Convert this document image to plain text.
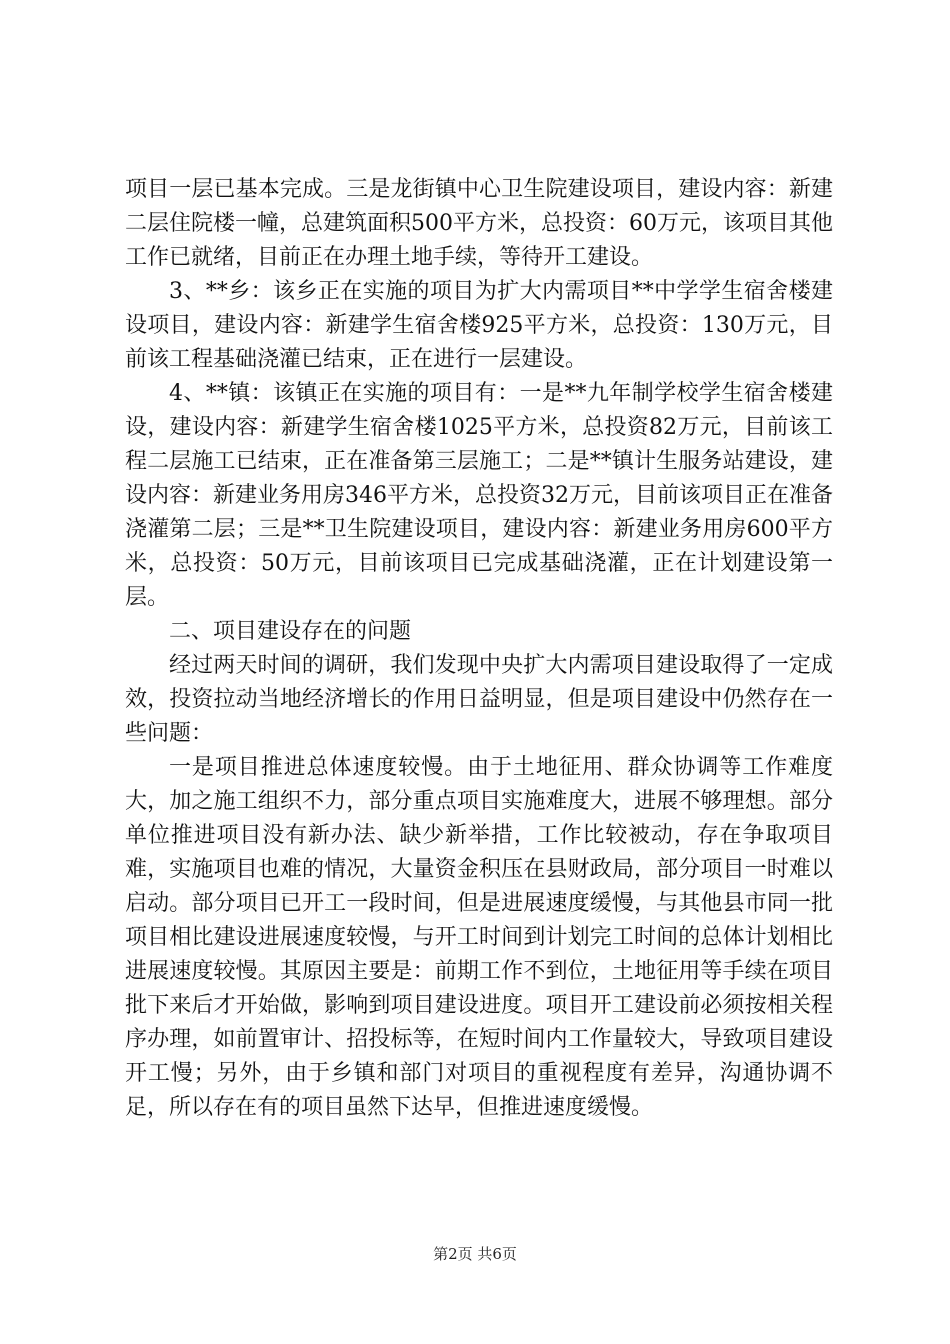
项目一层已基本完成。三是龙街镇中心卫生院建设项目，建设内容：新建二层住院楼一幢，总建筑面积500平方米，总投资：60万元，该项目其他工作已就绪，目前正在办理土地手续，等待开工建设。

3、**乡：该乡正在实施的项目为扩大内需项目**中学学生宿舍楼建设项目，建设内容：新建学生宿舍楼925平方米，总投资：130万元，目前该工程基础浇灌已结束，正在进行一层建设。

4、**镇：该镇正在实施的项目有：一是**九年制学校学生宿舍楼建设，建设内容：新建学生宿舍楼1025平方米，总投资82万元，目前该工程二层施工已结束，正在准备第三层施工；二是**镇计生服务站建设，建设内容：新建业务用房346平方米，总投资32万元，目前该项目正在准备浇灌第二层；三是**卫生院建设项目，建设内容：新建业务用房600平方米，总投资：50万元，目前该项目已完成基础浇灌，正在计划建设第一层。

二、项目建设存在的问题

经过两天时间的调研，我们发现中央扩大内需项目建设取得了一定成效，投资拉动当地经济增长的作用日益明显，但是项目建设中仍然存在一些问题：

一是项目推进总体速度较慢。由于土地征用、群众协调等工作难度大，加之施工组织不力，部分重点项目实施难度大，进展不够理想。部分单位推进项目没有新办法、缺少新举措，工作比较被动，存在争取项目难，实施项目也难的情况，大量资金积压在县财政局，部分项目一时难以启动。部分项目已开工一段时间，但是进展速度缓慢，与其他县市同一批项目相比建设进展速度较慢，与开工时间到计划完工时间的总体计划相比进展速度较慢。其原因主要是：前期工作不到位，土地征用等手续在项目批下来后才开始做，影响到项目建设进度。项目开工建设前必须按相关程序办理，如前置审计、招投标等，在短时间内工作量较大，导致项目建设开工慢；另外，由于乡镇和部门对项目的重视程度有差异，沟通协调不足，所以存在有的项目虽然下达早，但推进速度缓慢。

第2页 共6页
